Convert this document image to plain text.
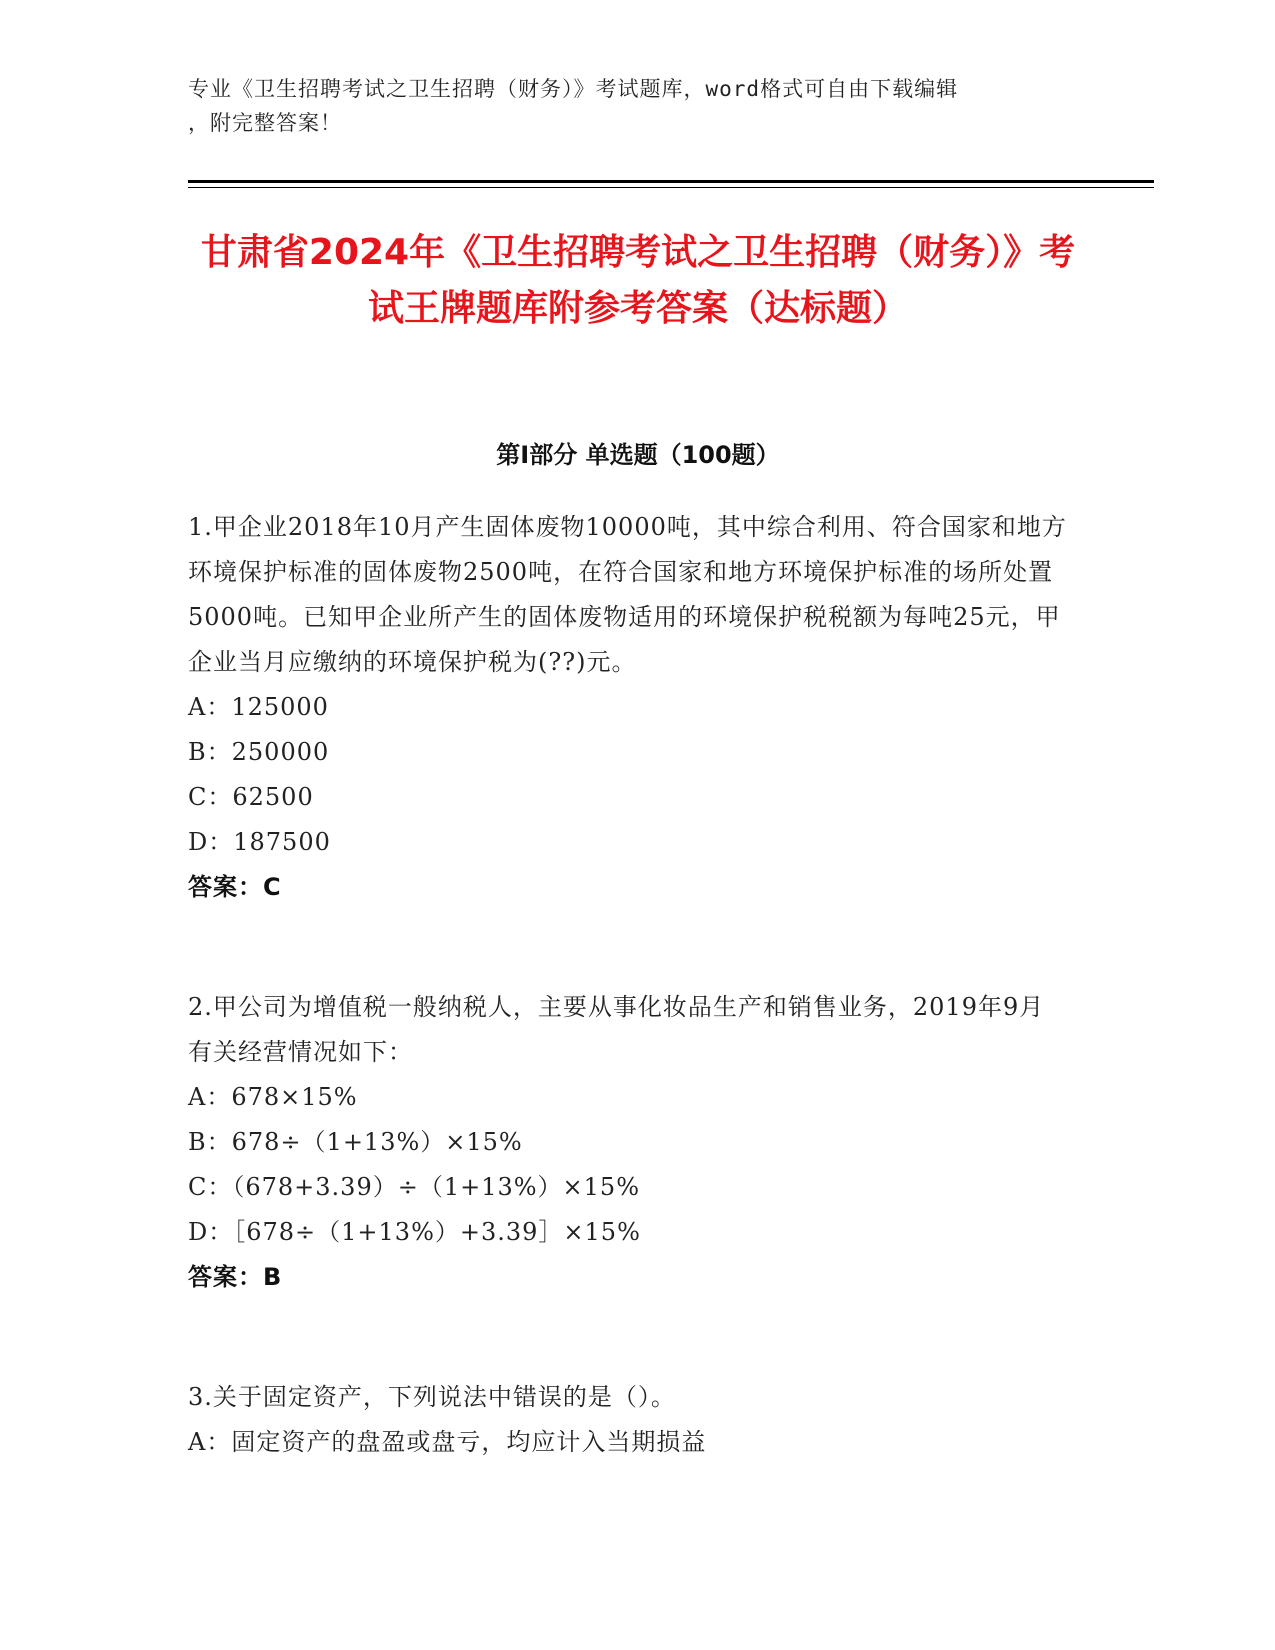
专业《卫生招聘考试之卫生招聘（财务）》考试题库，word格式可自由下载编辑
，附完整答案！
甘肃省2024年《卫生招聘考试之卫生招聘（财务）》考试王牌题库附参考答案（达标题）
第Ⅰ部分 单选题（100题）

1.甲企业2018年10月产生固体废物10000吨，其中综合利用、符合国家和地方环境保护标准的固体废物2500吨，在符合国家和地方环境保护标准的场所处置5000吨。已知甲企业所产生的固体废物适用的环境保护税税额为每吨25元，甲企业当月应缴纳的环境保护税为(??)元。

A：125000

B：250000

C：62500

D：187500

答案：C

2.甲公司为增值税一般纳税人，主要从事化妆品生产和销售业务，2019年9月有关经营情况如下：

A：678×15%

B：678÷（1+13%）×15%

C：（678+3.39）÷（1+13%）×15%

D：［678÷（1+13%）+3.39］×15%

答案：B

3.关于固定资产，下列说法中错误的是（）。

A：固定资产的盘盈或盘亏，均应计入当期损益
